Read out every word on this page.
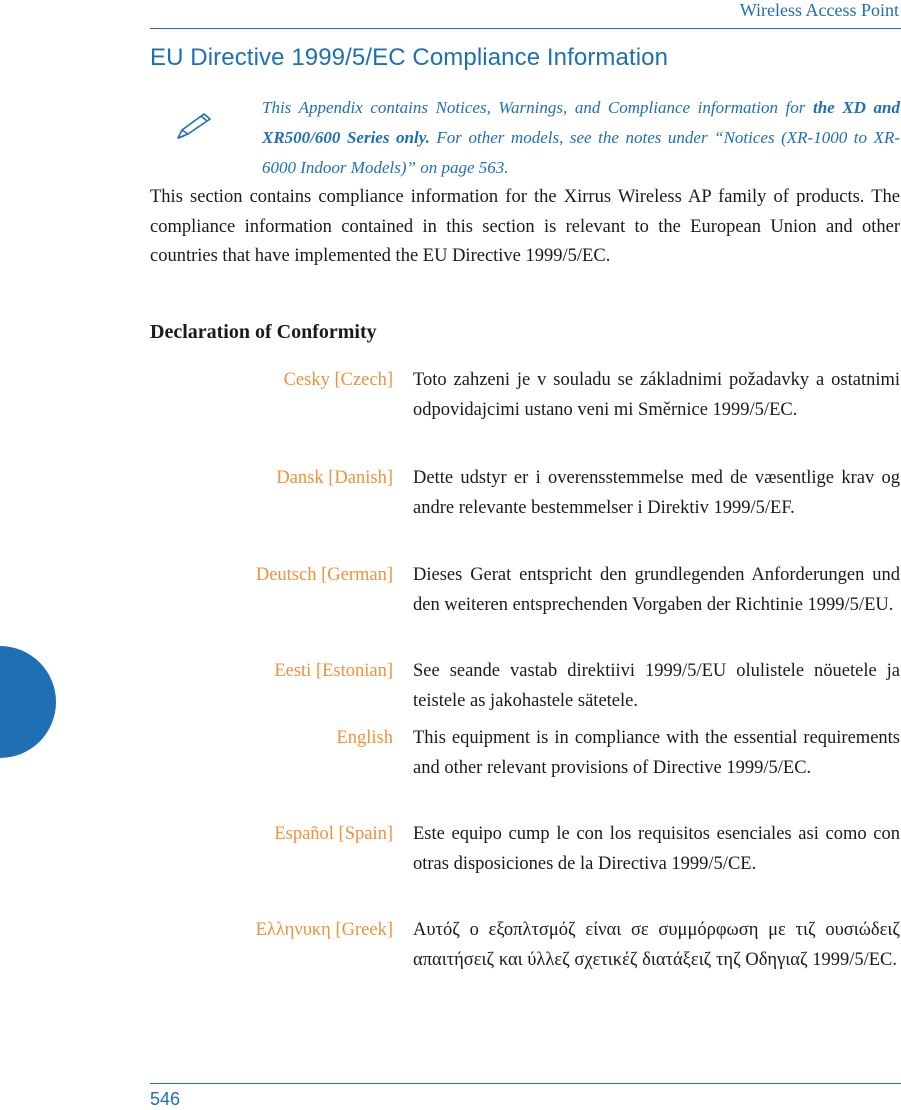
Wireless Access Point
EU Directive 1999/5/EC Compliance Information
This Appendix contains Notices, Warnings, and Compliance information for the XD and XR500/600 Series only. For other models, see the notes under “Notices (XR-1000 to XR-6000 Indoor Models)” on page 563.
This section contains compliance information for the Xirrus Wireless AP family of products. The compliance information contained in this section is relevant to the European Union and other countries that have implemented the EU Directive 1999/5/EC.
Declaration of Conformity
Cesky [Czech] Toto zahzeni je v souladu se základnimi požadavky a ostatnimi odpovidajcimi ustano veni mi Směrnice 1999/5/EC.
Dansk [Danish] Dette udstyr er i overensstemmelse med de væsentlige krav og andre relevante bestemmelser i Direktiv 1999/5/EF.
Deutsch [German] Dieses Gerat entspricht den grundlegenden Anforderungen und den weiteren entsprechenden Vorgaben der Richtinie 1999/5/EU.
Eesti [Estonian] See seande vastab direktiivi 1999/5/EU olulistele nöuetele ja teistele as jakohastele sätetele.
English This equipment is in compliance with the essential requirements and other relevant provisions of Directive 1999/5/EC.
Español [Spain] Este equipo cump le con los requisitos esenciales asi como con otras disposiciones de la Directiva 1999/5/CE.
Ελληνυκη [Greek] Αυτόζ ο εξοπλτσμόζ είναι σε συμμόρφωση με τιζ ουσιώδειζ απαιτήσειζ και ύλλεζ σχετικέζ διατάξειζ τηζ Οδηγιαζ 1999/5/EC.
546
